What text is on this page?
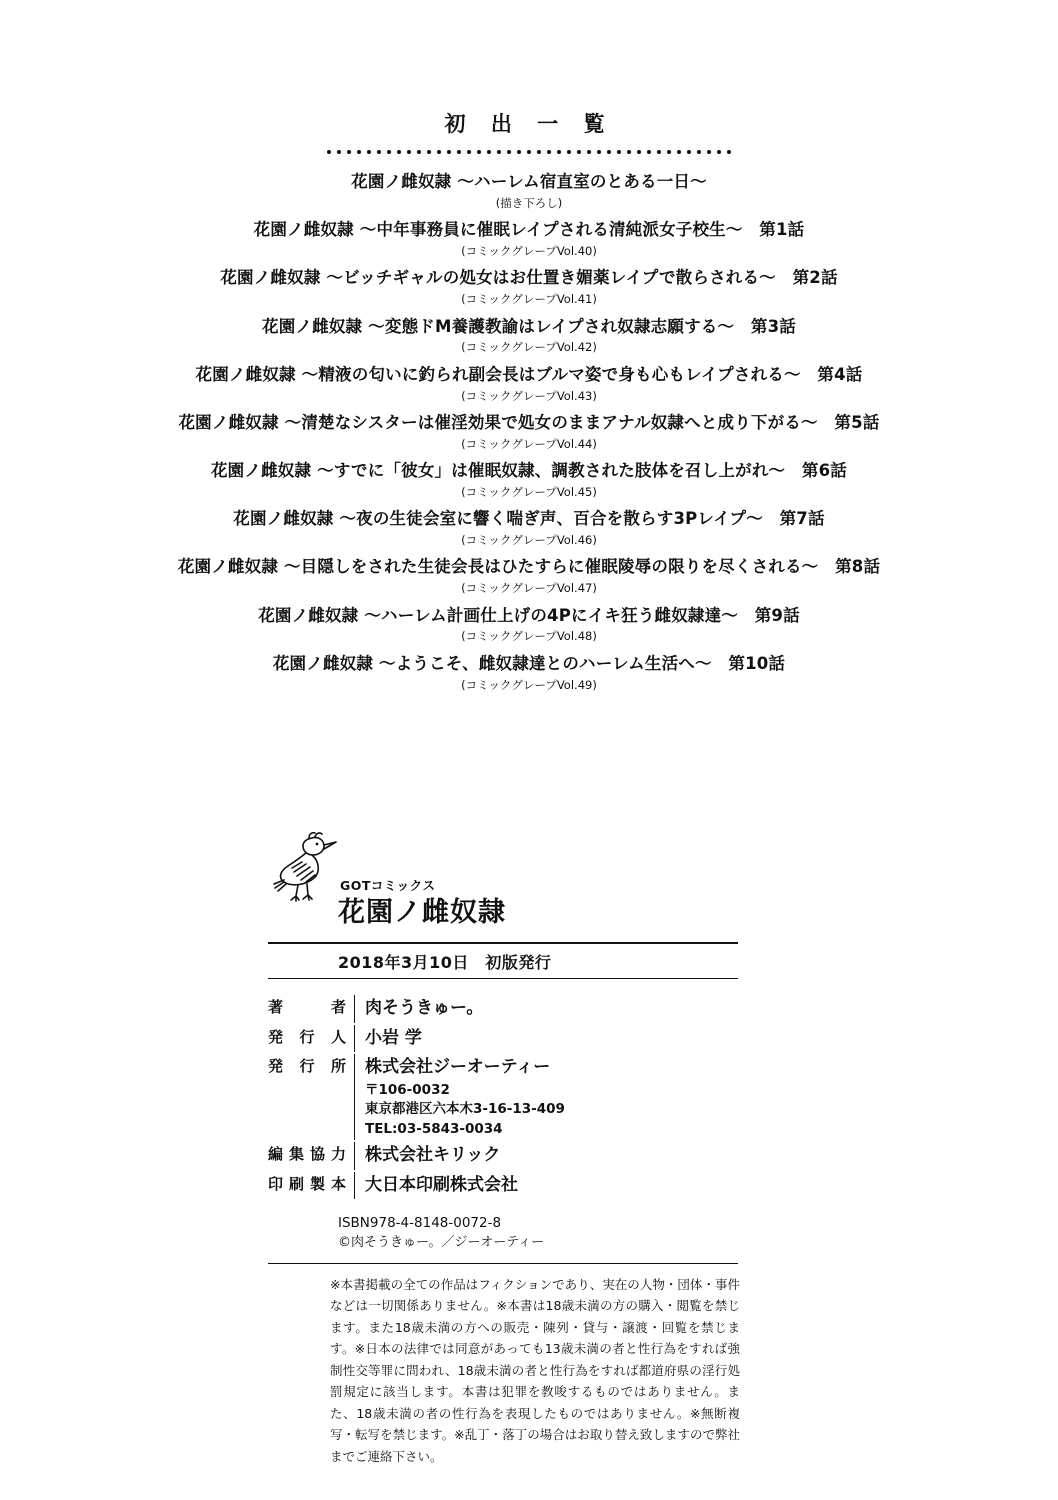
初 出 一 覧
花園ノ雌奴隷 〜ハーレム宿直室のとある一日〜
(描き下ろし)
花園ノ雌奴隷 〜中年事務員に催眠レイプされる清純派女子校生〜　第1話
(コミックグレープVol.40)
花園ノ雌奴隷 〜ビッチギャルの処女はお仕置き媚薬レイプで散らされる〜　第2話
(コミックグレープVol.41)
花園ノ雌奴隷 〜変態ドM養護教諭はレイプされ奴隷志願する〜　第3話
(コミックグレープVol.42)
花園ノ雌奴隷 〜精液の匂いに釣られ副会長はブルマ姿で身も心もレイプされる〜　第4話
(コミックグレープVol.43)
花園ノ雌奴隷 〜清楚なシスターは催淫効果で処女のままアナル奴隷へと成り下がる〜　第5話
(コミックグレープVol.44)
花園ノ雌奴隷 〜すでに「彼女」は催眠奴隷、調教された肢体を召し上がれ〜　第6話
(コミックグレープVol.45)
花園ノ雌奴隷 〜夜の生徒会室に響く喘ぎ声、百合を散らす3Pレイプ〜　第7話
(コミックグレープVol.46)
花園ノ雌奴隷 〜目隠しをされた生徒会長はひたすらに催眠陵辱の限りを尽くされる〜　第8話
(コミックグレープVol.47)
花園ノ雌奴隷 〜ハーレム計画仕上げの4Pにイキ狂う雌奴隷達〜　第9話
(コミックグレープVol.48)
花園ノ雌奴隷 〜ようこそ、雌奴隷達とのハーレム生活へ〜　第10話
(コミックグレープVol.49)
GOTコミックス
花園ノ雌奴隷
2018年3月10日　初版発行
著者	肉そうきゅー。
発行人	小岩 学
発行所	株式会社ジーオーティー
〒106-0032
東京都港区六本木3-16-13-409
TEL:03-5843-0034
編集協力	株式会社キリック
印刷製本	大日本印刷株式会社
ISBN978-4-8148-0072-8
©肉そうきゅー。／ジーオーティー
※本書掲載の全ての作品はフィクションであり、実在の人物・団体・事件などは一切関係ありません。※本書は18歳未満の方の購入・閲覧を禁じます。また18歳未満の方への販売・陳列・貸与・譲渡・回覧を禁じます。※日本の法律では同意があっても13歳未満の者と性行為をすれば強制性交等罪に問われ、18歳未満の者と性行為をすれば都道府県の淫行処罰規定に該当します。本書は犯罪を教唆するものではありません。また、18歳未満の者の性行為を表現したものではありません。※無断複写・転写を禁じます。※乱丁・落丁の場合はお取り替え致しますので弊社までご連絡下さい。
